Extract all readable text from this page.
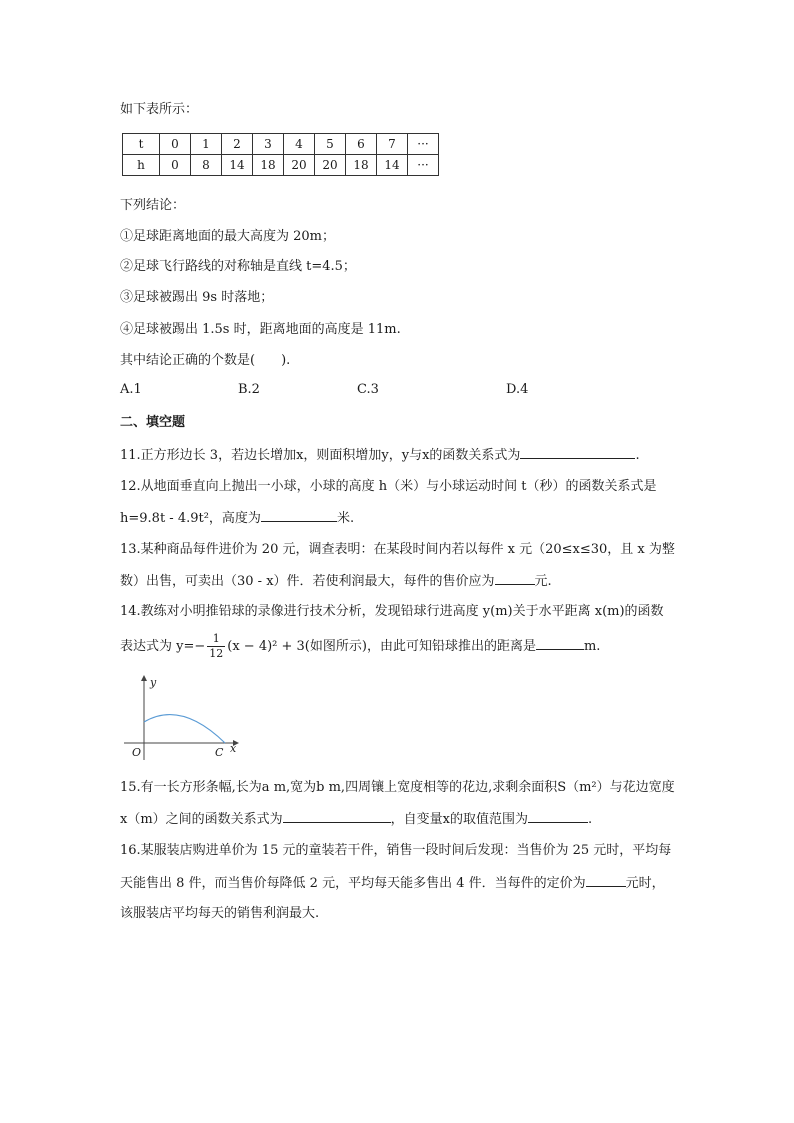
如下表所示：
t	0	1	2	3	4	5	6	7	···
h	0	8	14	18	20	20	18	14	···
下列结论：
①足球距离地面的最大高度为 20m；
②足球飞行路线的对称轴是直线 t=4.5；
③足球被踢出 9s 时落地；
④足球被踢出 1.5s 时，距离地面的高度是 11m.
其中结论正确的个数是(　　).
A.1	B.2	C.3	D.4
二、填空题
11.正方形边长 3，若边长增加x，则面积增加y，y与x的函数关系式为	.
12.从地面垂直向上抛出一小球，小球的高度 h（米）与小球运动时间 t（秒）的函数关系式是
h=9.8t - 4.9t²，高度为	米.
13.某种商品每件进价为 20 元，调查表明：在某段时间内若以每件 x 元（20≤x≤30，且 x 为整
数）出售，可卖出（30 - x）件．若使利润最大，每件的售价应为	元.
14.教练对小明推铅球的录像进行技术分析，发现铅球行进高度 y(m)关于水平距离 x(m)的函数
表达式为 $y=- \frac{1}{12} (x - 4)^2 + 3$(如图所示)，由此可知铅球推出的距离是	m.
y
x
O	C
15.有一长方形条幅,长为a m,宽为b m,四周镶上宽度相等的花边,求剩余面积S（m²）与花边宽度
x（m）之间的函数关系式为	，自变量x的取值范围为	.
16.某服装店购进单价为 15 元的童装若干件，销售一段时间后发现：当售价为 25 元时，平均每
天能售出 8 件，而当售价每降低 2 元，平均每天能多售出 4 件．当每件的定价为	元时，
该服装店平均每天的销售利润最大.
